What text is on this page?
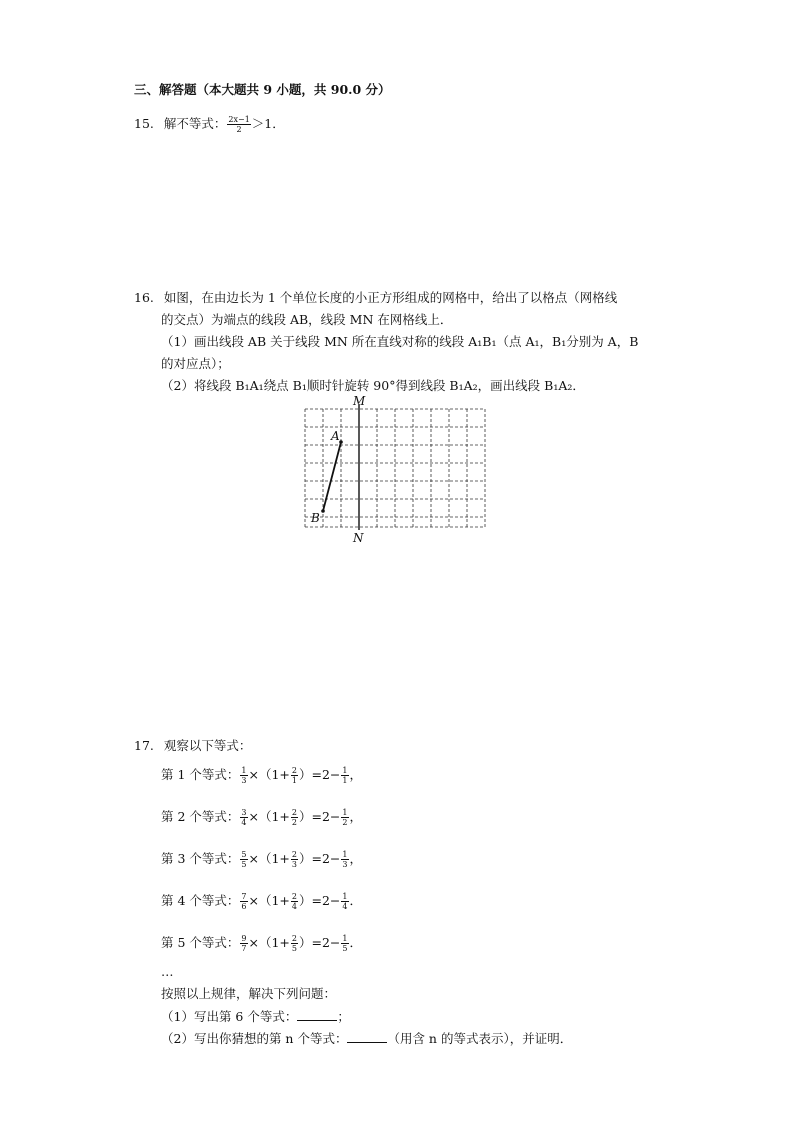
三、解答题（本大题共 9 小题，共 90.0 分）
15. 解不等式： $\frac{2x-1}{2} >1$．
16. 如图，在由边长为 1 个单位长度的小正方形组成的网格中，给出了以格点（网格线
的交点）为端点的线段 AB，线段 MN 在网格线上．
（1）画出线段 AB 关于线段 MN 所在直线对称的线段 A₁B₁（点 A₁，B₁分别为 A，B
的对应点）；
（2）将线段 B₁A₁绕点 B₁顺时针旋转 90°得到线段 B₁A₂，画出线段 B₁A₂．
M
N
A
B
17. 观察以下等式：
第 1 个等式： $\frac{1}{3} \times(1+ \frac{2}{1} )=2- \frac{1}{1}$ ，
第 2 个等式： $\frac{3}{4} \times(1+ \frac{2}{2} )=2- \frac{1}{2}$ ，
第 3 个等式： $\frac{5}{5} \times(1+ \frac{2}{3} )=2- \frac{1}{3}$ ，
第 4 个等式： $\frac{7}{6} \times(1+ \frac{2}{4} )=2- \frac{1}{4}$ ．
第 5 个等式： $\frac{9}{7} \times(1+ \frac{2}{5} )=2- \frac{1}{5}$ ．
…
按照以上规律，解决下列问题：
（1）写出第 6 个等式：	；
（2）写出你猜想的第 n 个等式：	（用含 n 的等式表示），并证明．
